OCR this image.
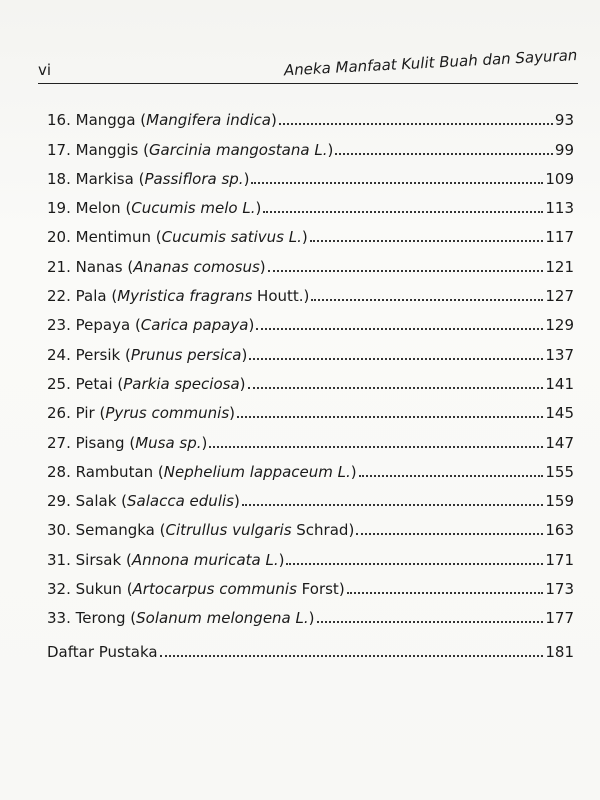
vi	Aneka Manfaat Kulit Buah dan Sayuran
16. Mangga (Mangifera indica)	93
17. Manggis (Garcinia mangostana L.)	99
18. Markisa (Passiflora sp.)	109
19. Melon (Cucumis melo L.)	113
20. Mentimun (Cucumis sativus L.)	117
21. Nanas (Ananas comosus)	121
22. Pala (Myristica fragrans Houtt.)	127
23. Pepaya (Carica papaya)	129
24. Persik (Prunus persica)	137
25. Petai (Parkia speciosa)	141
26. Pir (Pyrus communis)	145
27. Pisang (Musa sp.)	147
28. Rambutan (Nephelium lappaceum L.)	155
29. Salak (Salacca edulis)	159
30. Semangka (Citrullus vulgaris Schrad)	163
31. Sirsak (Annona muricata L.)	171
32. Sukun (Artocarpus communis Forst)	173
33. Terong (Solanum melongena L.)	177
Daftar Pustaka	181
